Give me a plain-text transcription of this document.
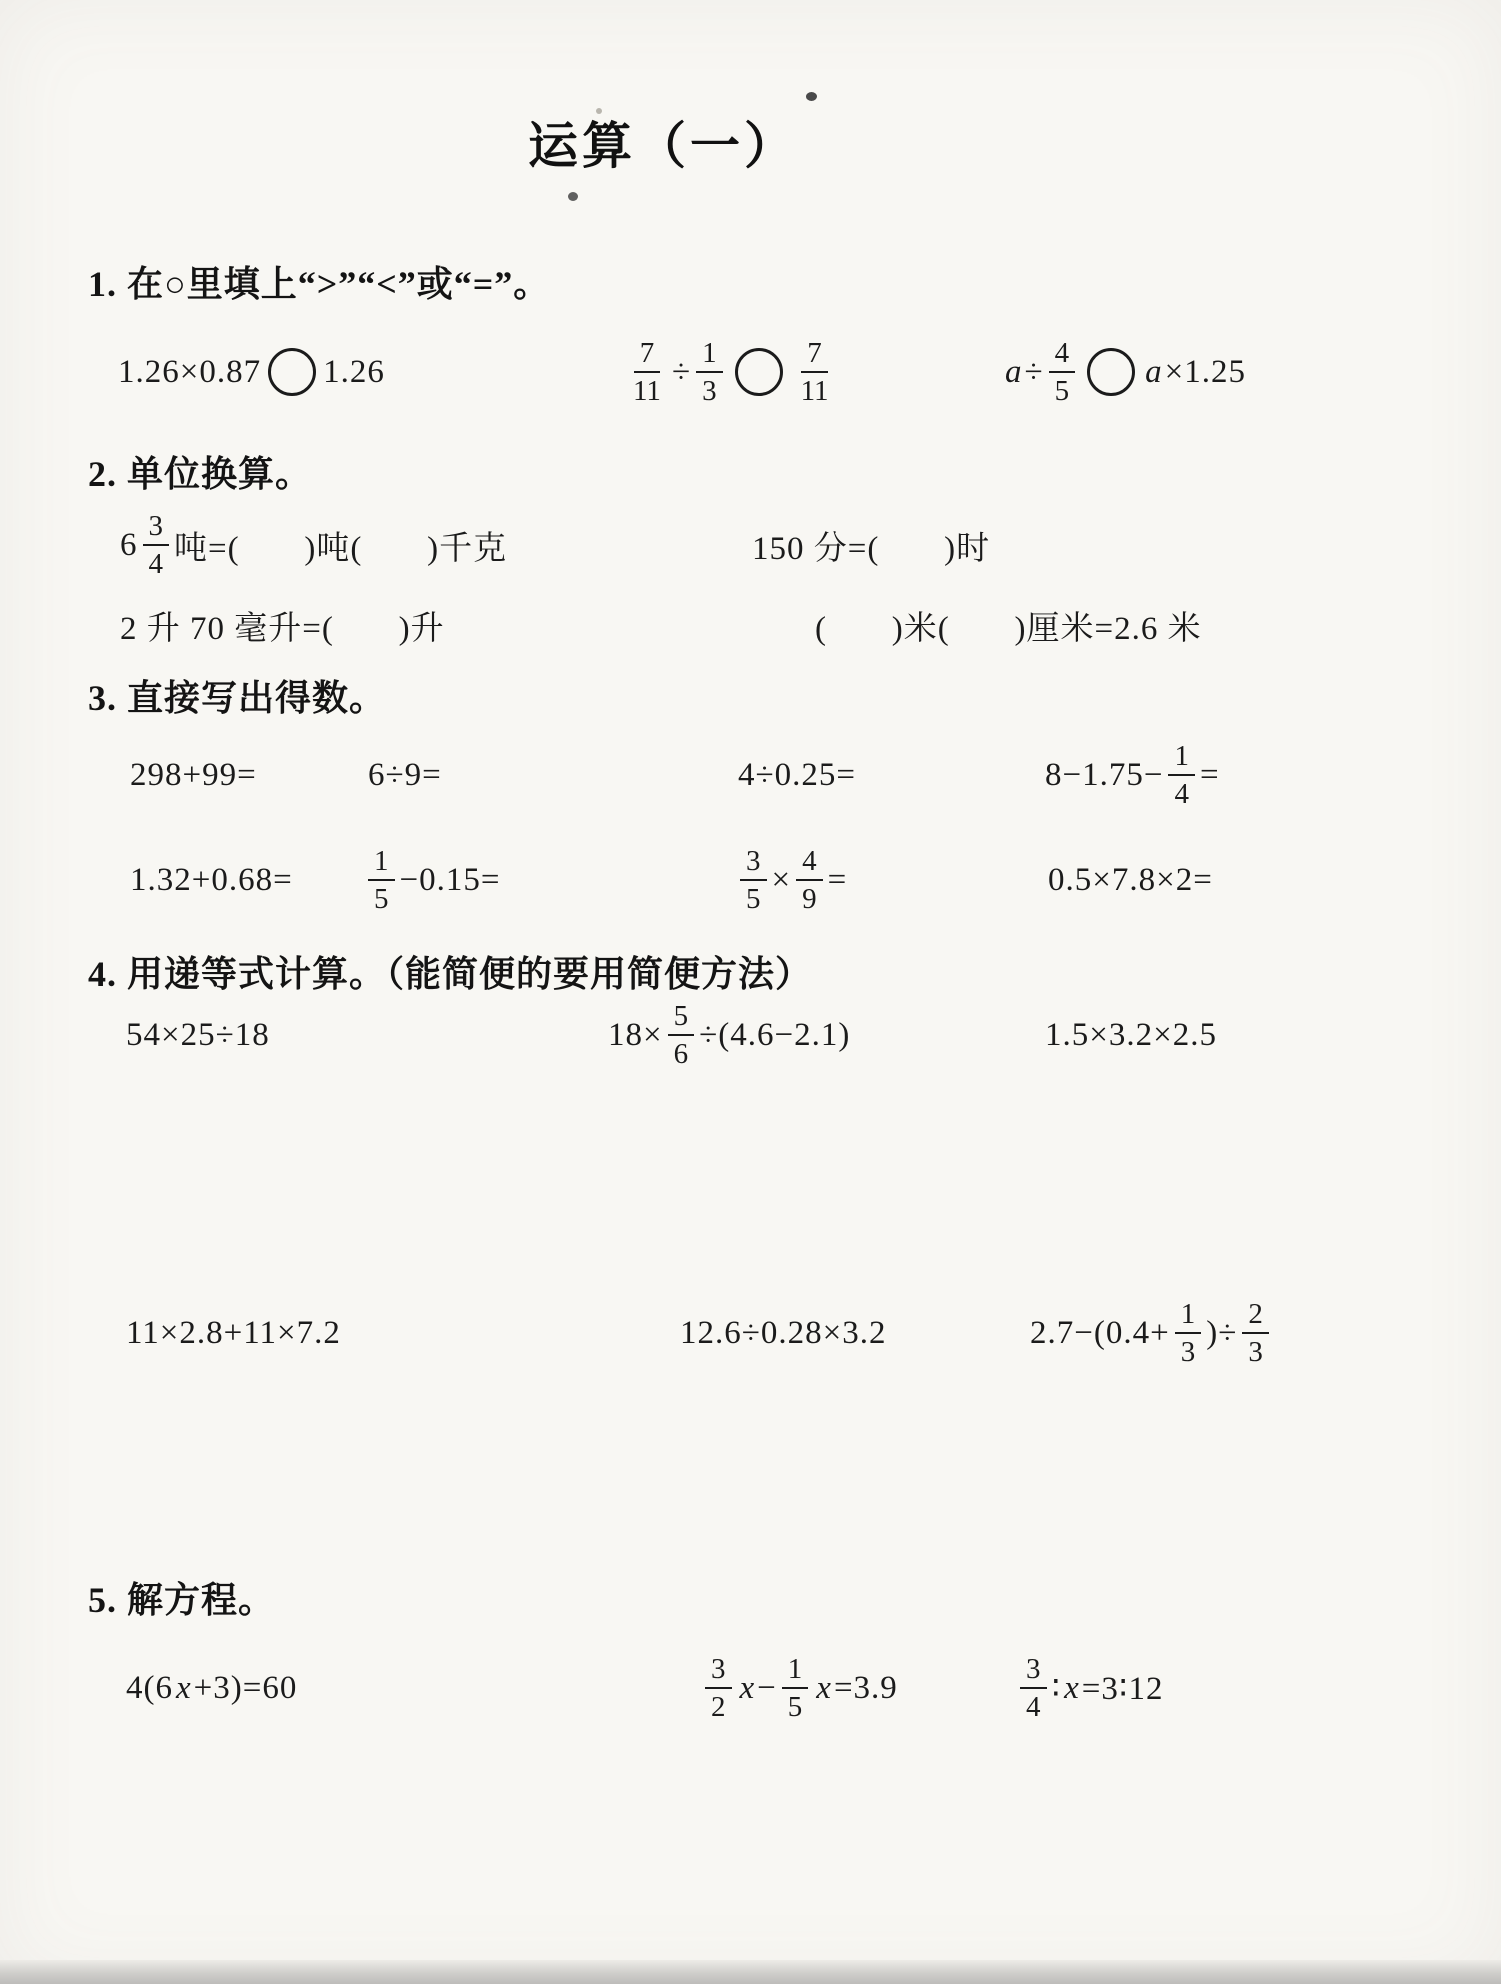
运算（一）
1. 在○里填上“>”“<”或“=”。
1.26×0.87 1.26	$\frac{7}{11} \div \frac{1}{3} \frac{7}{11}$	$a \div \frac{4}{5}$ a ×1.25
2. 单位换算。
$6 \frac{3}{4}$ 吨=(       )吨(       )千克	150 分=(       )时
2 升 70 毫升=(       )升	(       )米(       )厘米=2.6 米
3. 直接写出得数。
298+99=	6÷9=	4÷0.25=	$8-1.75- \frac{1}{4}$ =
1.32+0.68=	$\frac{1}{5} -0.15=$	$\frac{3}{5} \times \frac{4}{9}$ =	0.5×7.8×2=
4. 用递等式计算。（能简便的要用简便方法）
54×25÷18	$18\times \frac{5}{6} \div(4.6-2.1)$	1.5×3.2×2.5
11×2.8+11×7.2	12.6÷0.28×3.2	$2.7-(0.4+ \frac{1}{3}$ )÷ $\frac{2}{3}$
5. 解方程。
4(6 x +3)=60	$\frac{3}{2}$ $x - \frac{1}{5}$ x =3.9	$\frac{3}{4}$ ∶ x =3∶12
